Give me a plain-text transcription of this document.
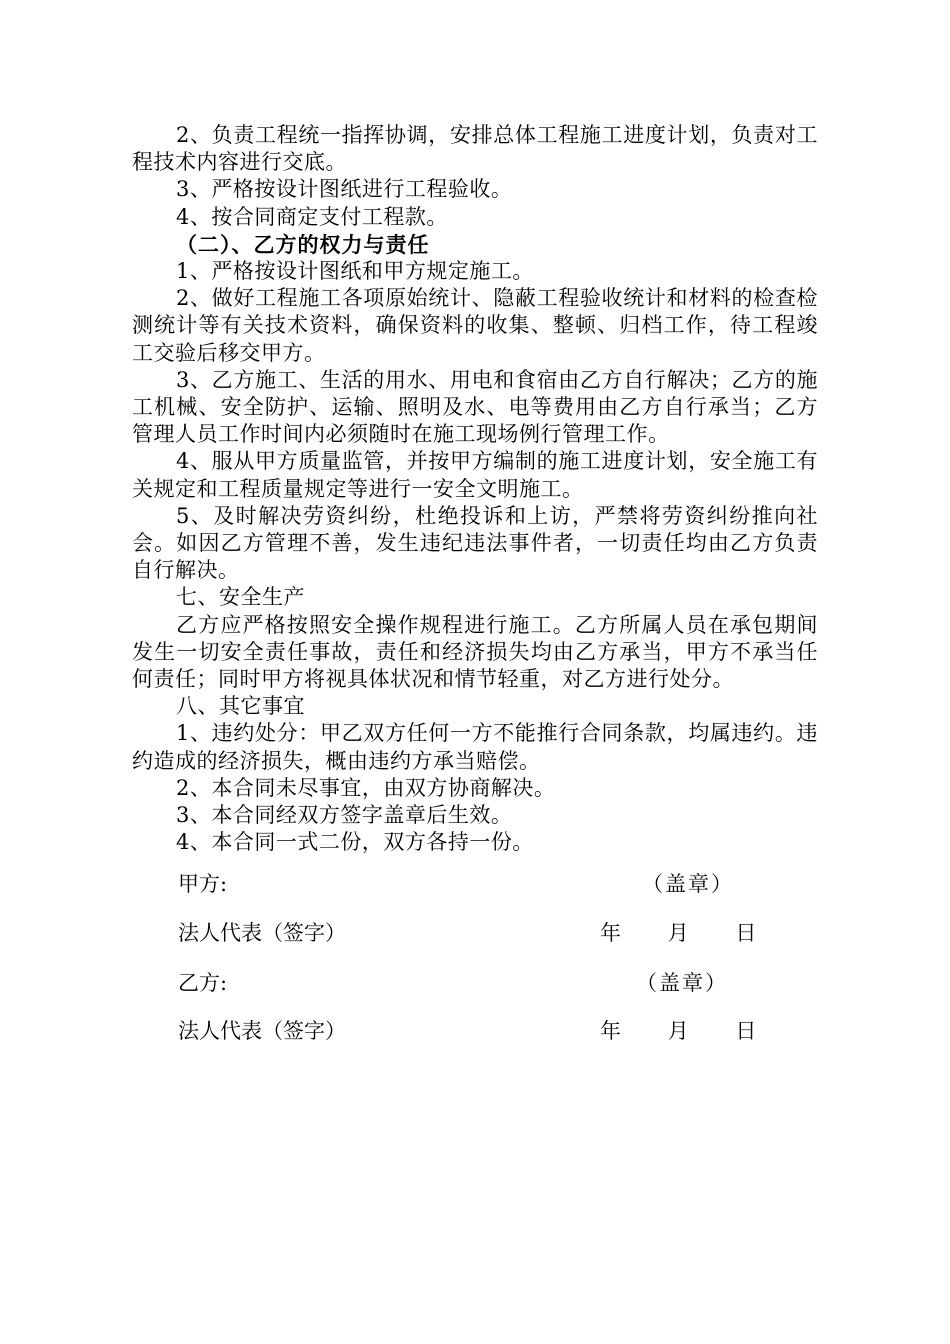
2、负责工程统一指挥协调，安排总体工程施工进度计划，负责对工程技术内容进行交底。

3、严格按设计图纸进行工程验收。

4、按合同商定支付工程款。

（二）、乙方的权力与责任

1、严格按设计图纸和甲方规定施工。

2、做好工程施工各项原始统计、隐蔽工程验收统计和材料的检查检测统计等有关技术资料，确保资料的收集、整顿、归档工作，待工程竣工交验后移交甲方。

3、乙方施工、生活的用水、用电和食宿由乙方自行解决；乙方的施工机械、安全防护、运输、照明及水、电等费用由乙方自行承当；乙方管理人员工作时间内必须随时在施工现场例行管理工作。

4、服从甲方质量监管，并按甲方编制的施工进度计划，安全施工有关规定和工程质量规定等进行一安全文明施工。

5、及时解决劳资纠纷，杜绝投诉和上访，严禁将劳资纠纷推向社会。如因乙方管理不善，发生违纪违法事件者，一切责任均由乙方负责自行解决。

七、安全生产

乙方应严格按照安全操作规程进行施工。乙方所属人员在承包期间发生一切安全责任事故，责任和经济损失均由乙方承当，甲方不承当任何责任；同时甲方将视具体状况和情节轻重，对乙方进行处分。

八、其它事宜

1、违约处分：甲乙双方任何一方不能推行合同条款，均属违约。违约造成的经济损失，概由违约方承当赔偿。

2、本合同未尽事宜，由双方协商解决。

3、本合同经双方签字盖章后生效。

4、本合同一式二份，双方各持一份。

甲方:	（盖章）
法人代表（签字）	年 月 日
乙方:	（盖章）
法人代表（签字）	年 月 日
